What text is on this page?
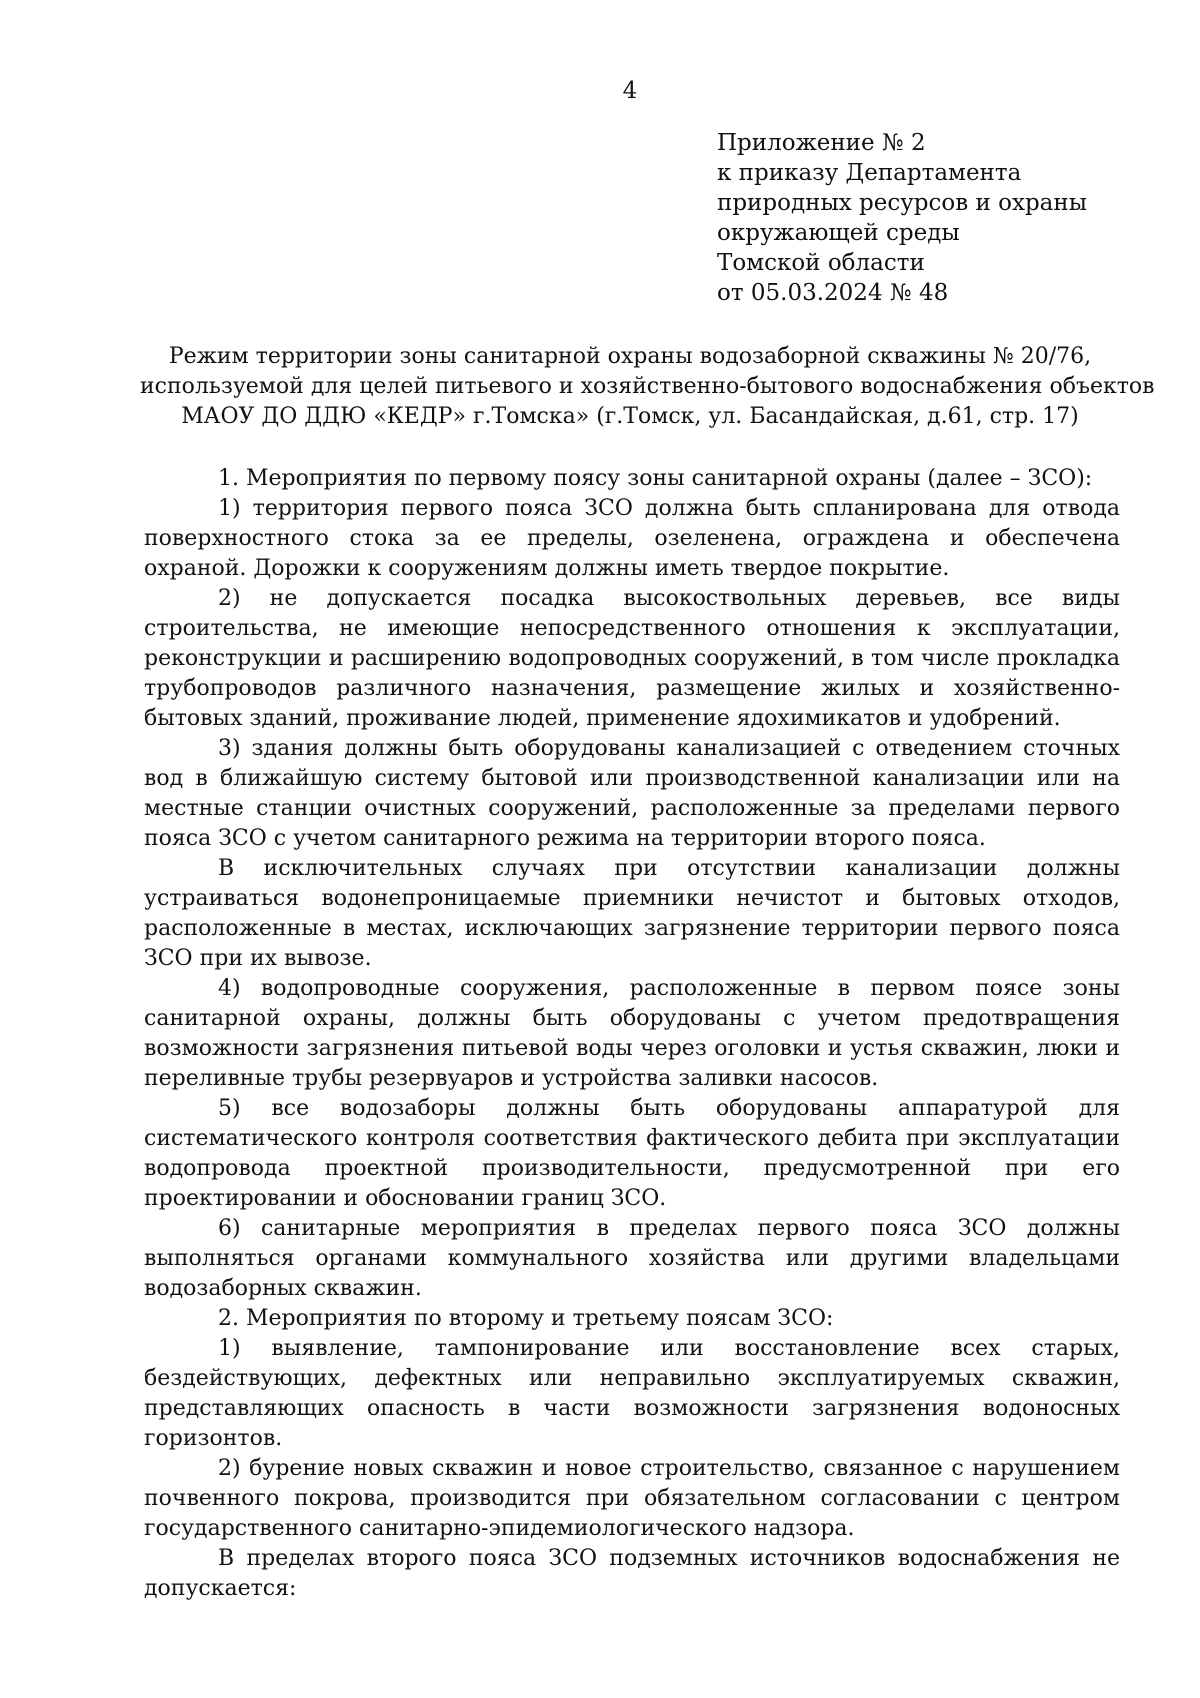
4
Приложение № 2
к приказу Департамента
природных ресурсов и охраны
окружающей среды
Томской области
от 05.03.2024 № 48
Режим территории зоны санитарной охраны водозаборной скважины № 20/76,
используемой для целей питьевого и хозяйственно-бытового водоснабжения объектов
МАОУ ДО ДДЮ «КЕДР» г.Томска» (г.Томск, ул. Басандайская, д.61, стр. 17)

1. Мероприятия по первому поясу зоны санитарной охраны (далее – ЗСО):

1) территория первого пояса ЗСО должна быть спланирована для отвода поверхностного стока за ее пределы, озеленена, ограждена и обеспечена охраной. Дорожки к сооружениям должны иметь твердое покрытие.

2) не допускается посадка высокоствольных деревьев, все виды строительства, не имеющие непосредственного отношения к эксплуатации, реконструкции и расширению водопроводных сооружений, в том числе прокладка трубопроводов различного назначения, размещение жилых и хозяйственно-бытовых зданий, проживание людей, применение ядохимикатов и удобрений.

3) здания должны быть оборудованы канализацией с отведением сточных вод в ближайшую систему бытовой или производственной канализации или на местные станции очистных сооружений, расположенные за пределами первого пояса ЗСО с учетом санитарного режима на территории второго пояса.

В исключительных случаях при отсутствии канализации должны устраиваться водонепроницаемые приемники нечистот и бытовых отходов, расположенные в местах, исключающих загрязнение территории первого пояса ЗСО при их вывозе.

4) водопроводные сооружения, расположенные в первом поясе зоны санитарной охраны, должны быть оборудованы с учетом предотвращения возможности загрязнения питьевой воды через оголовки и устья скважин, люки и переливные трубы резервуаров и устройства заливки насосов.

5) все водозаборы должны быть оборудованы аппаратурой для систематического контроля соответствия фактического дебита при эксплуатации водопровода проектной производительности, предусмотренной при его проектировании и обосновании границ ЗСО.

6) санитарные мероприятия в пределах первого пояса ЗСО должны выполняться органами коммунального хозяйства или другими владельцами водозаборных скважин.

2. Мероприятия по второму и третьему поясам ЗСО:

1) выявление, тампонирование или восстановление всех старых, бездействующих, дефектных или неправильно эксплуатируемых скважин, представляющих опасность в части возможности загрязнения водоносных горизонтов.

2) бурение новых скважин и новое строительство, связанное с нарушением почвенного покрова, производится при обязательном согласовании с центром государственного санитарно-эпидемиологического надзора.

В пределах второго пояса ЗСО подземных источников водоснабжения не допускается:
